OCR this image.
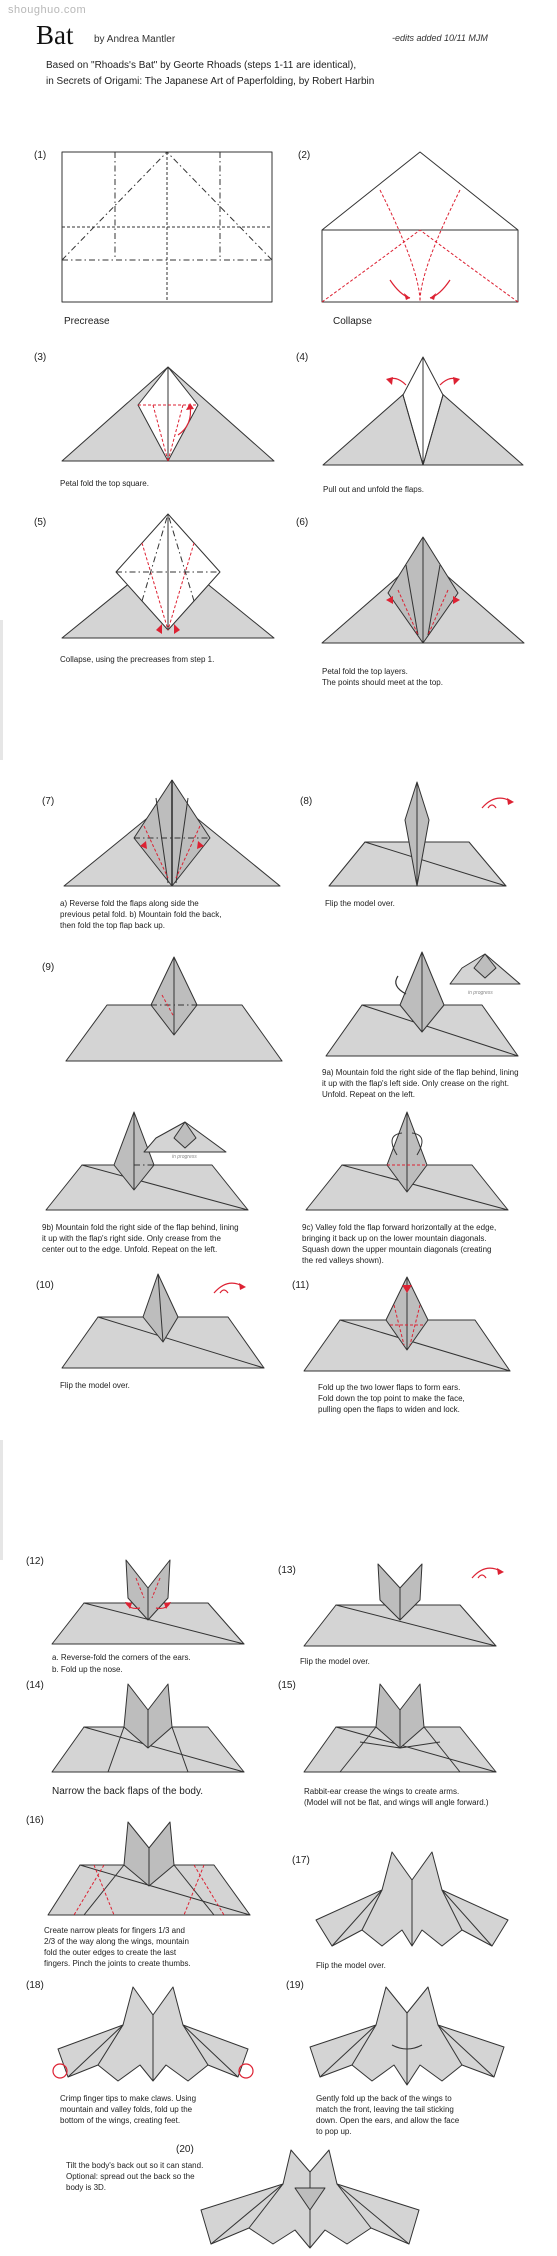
shoughuo.com
Bat by Andrea Mantler	-edits added 10/11 MJM
Based on "Rhoads's Bat" by Georte Rhoads (steps 1-11 are identical),
in Secrets of Origami: The Japanese Art of Paperfolding, by Robert Harbin
(1)
Precrease
(2)
Collapse
(3)
Petal fold the top square.
(4)
Pull out and unfold the flaps.
(5)
Collapse, using the precreases from step 1.
(6)
Petal fold the top layers.
The points should meet at the top.
(7)
a) Reverse fold the flaps along side the
previous petal fold. b) Mountain fold the back,
then fold the top flap back up.
(8)
Flip the model over.
(9)
in progress
9a) Mountain fold the right side of the flap behind, lining
it up with the flap's left side. Only crease on the right.
Unfold. Repeat on the left.
in progress
9b) Mountain fold the right side of the flap behind, lining
it up with the flap's right side. Only crease from the
center out to the edge. Unfold. Repeat on the left.
9c) Valley fold the flap forward horizontally at the edge,
bringing it back up on the lower mountain diagonals.
Squash down the upper mountain diagonals (creating
the red valleys shown).
(10)
Flip the model over.
(11)
Fold up the two lower flaps to form ears.
Fold down the top point to make the face,
pulling open the flaps to widen and lock.
(12)
a. Reverse-fold the corners of the ears.
b. Fold up the nose.
(13)
Flip the model over.
(14)
Narrow the back flaps of the body.
(15)
Rabbit-ear crease the wings to create arms.
(Model will not be flat, and wings will angle forward.)
(16)
Create narrow pleats for fingers 1/3 and
2/3 of the way along the wings, mountain
fold the outer edges to create the last
fingers. Pinch the joints to create thumbs.
(17)
Flip the model over.
(18)
Crimp finger tips to make claws. Using
mountain and valley folds, fold up the
bottom of the wings, creating feet.
(19)
Gently fold up the back of the wings to
match the front, leaving the tail sticking
down. Open the ears, and allow the face
to pop up.
(20)
Tilt the body's back out so it can stand.
Optional: spread out the back so the
body is 3D.
